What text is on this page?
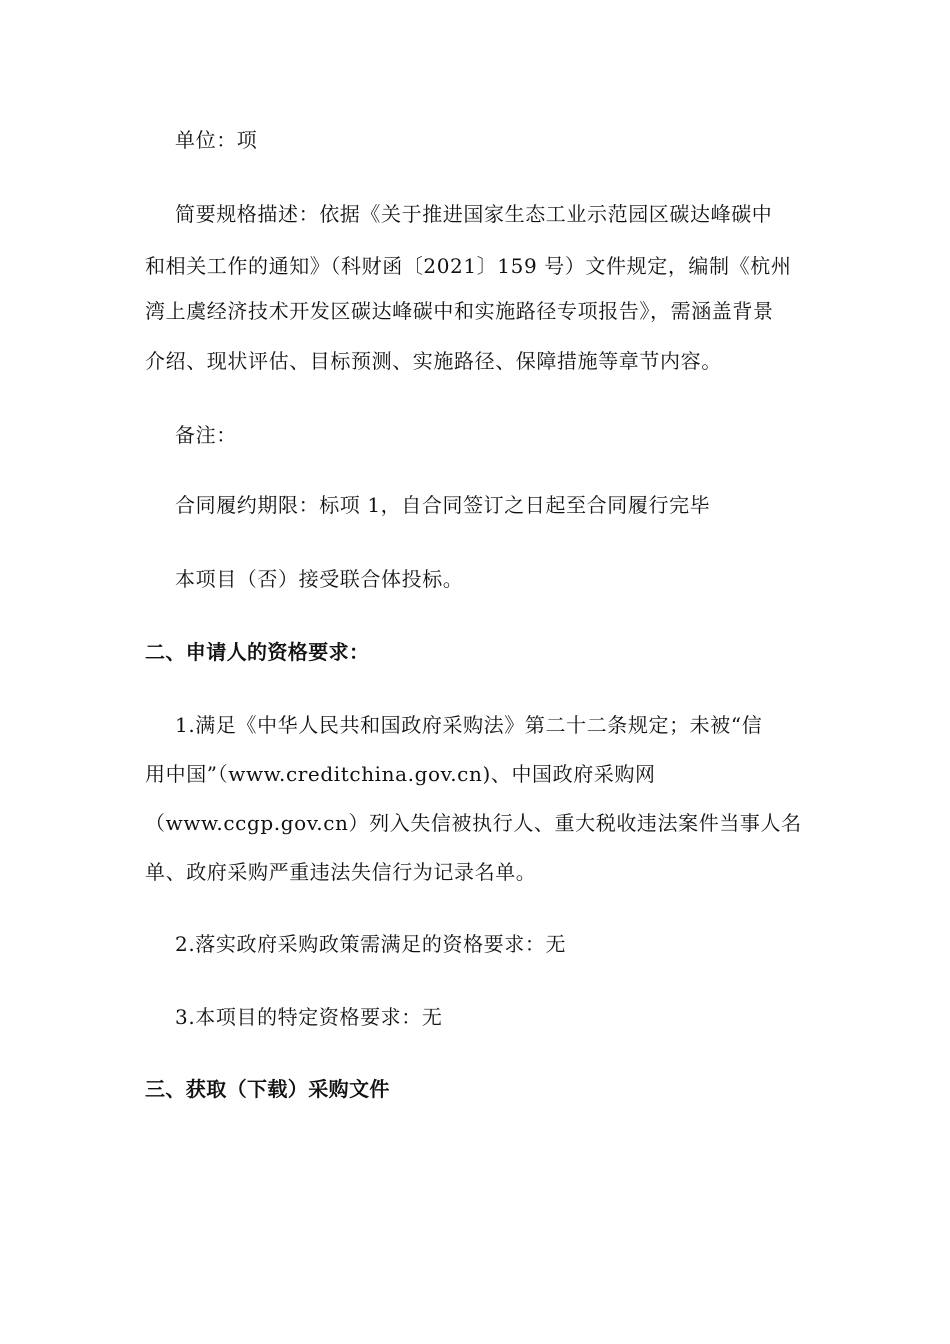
单位：项
简要规格描述：依据《关于推进国家生态工业示范园区碳达峰碳中
和相关工作的通知》（科财函〔2021〕159 号）文件规定，编制《杭州
湾上虞经济技术开发区碳达峰碳中和实施路径专项报告》，需涵盖背景
介绍、现状评估、目标预测、实施路径、保障措施等章节内容。
备注：
合同履约期限：标项 1，自合同签订之日起至合同履行完毕
本项目（否）接受联合体投标。
二、申请人的资格要求：
1.满足《中华人民共和国政府采购法》第二十二条规定；未被“信
用中国”（www.creditchina.gov.cn)、中国政府采购网
（www.ccgp.gov.cn）列入失信被执行人、重大税收违法案件当事人名
单、政府采购严重违法失信行为记录名单。
2.落实政府采购政策需满足的资格要求：无
3.本项目的特定资格要求：无
三、获取（下载）采购文件
